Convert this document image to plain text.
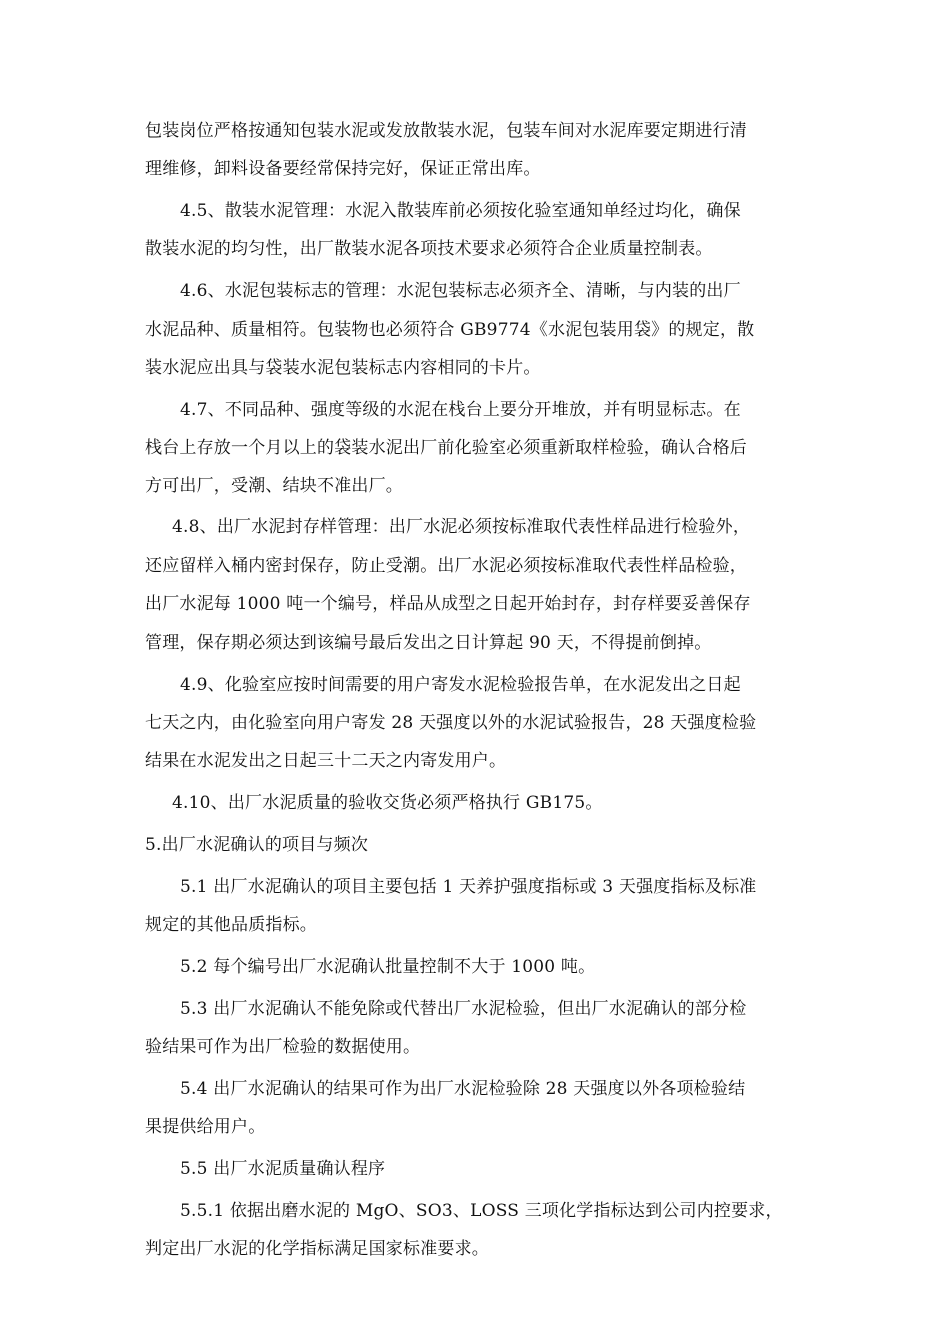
包装岗位严格按通知包装水泥或发放散装水泥，包装车间对水泥库要定期进行清
理维修，卸料设备要经常保持完好，保证正常出库。
4.5、散装水泥管理：水泥入散装库前必须按化验室通知单经过均化，确保
散装水泥的均匀性，出厂散装水泥各项技术要求必须符合企业质量控制表。
4.6、水泥包装标志的管理：水泥包装标志必须齐全、清晰，与内装的出厂
水泥品种、质量相符。包装物也必须符合 GB9774《水泥包装用袋》的规定，散
装水泥应出具与袋装水泥包装标志内容相同的卡片。
4.7、不同品种、强度等级的水泥在栈台上要分开堆放，并有明显标志。在
栈台上存放一个月以上的袋装水泥出厂前化验室必须重新取样检验，确认合格后
方可出厂，受潮、结块不准出厂。
4.8、出厂水泥封存样管理：出厂水泥必须按标准取代表性样品进行检验外，
还应留样入桶内密封保存，防止受潮。出厂水泥必须按标准取代表性样品检验，
出厂水泥每 1000 吨一个编号，样品从成型之日起开始封存，封存样要妥善保存
管理，保存期必须达到该编号最后发出之日计算起 90 天，不得提前倒掉。
4.9、化验室应按时间需要的用户寄发水泥检验报告单，在水泥发出之日起
七天之内，由化验室向用户寄发 28 天强度以外的水泥试验报告，28 天强度检验
结果在水泥发出之日起三十二天之内寄发用户。
4.10、出厂水泥质量的验收交货必须严格执行 GB175。
5.出厂水泥确认的项目与频次
5.1 出厂水泥确认的项目主要包括 1 天养护强度指标或 3 天强度指标及标准
规定的其他品质指标。
5.2 每个编号出厂水泥确认批量控制不大于 1000 吨。
5.3 出厂水泥确认不能免除或代替出厂水泥检验，但出厂水泥确认的部分检
验结果可作为出厂检验的数据使用。
5.4 出厂水泥确认的结果可作为出厂水泥检验除 28 天强度以外各项检验结
果提供给用户。
5.5 出厂水泥质量确认程序
5.5.1 依据出磨水泥的 MgO、SO3、LOSS 三项化学指标达到公司内控要求，
判定出厂水泥的化学指标满足国家标准要求。
